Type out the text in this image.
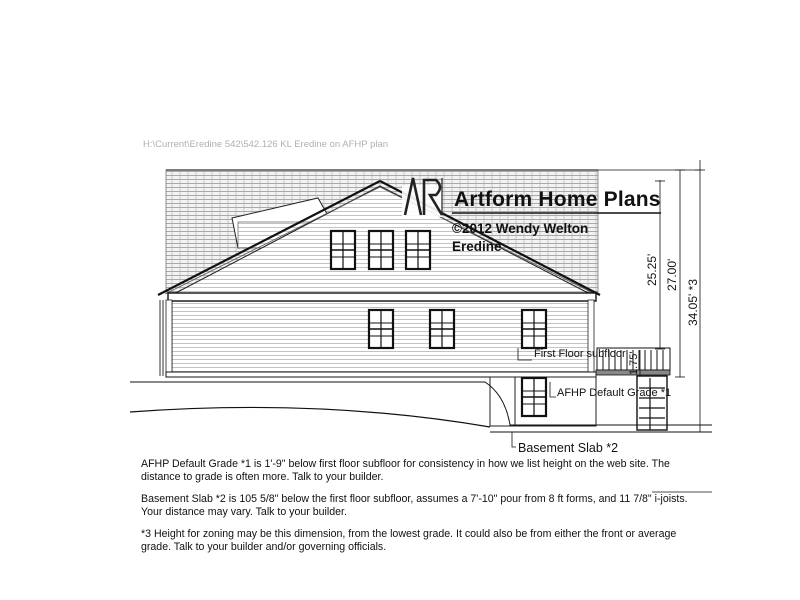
H:\Current\Eredine 542\542.126 KL Eredine on AFHP plan
Artform Home Plans
©2012 Wendy Welton
Eredine
25.25' 27.00'
34.05' *3
1.75'
First Floor subfloor
AFHP Default Grade *1
Basement Slab *2

AFHP Default Grade *1 is 1'-9" below first floor subfloor for consistency in how we list height on the web site. The distance to grade is often more. Talk to your builder.

Basement Slab *2 is 105 5/8" below the first floor subfloor, assumes a 7'-10" pour from 8 ft forms, and 11 7/8" i-joists. Your distance may vary. Talk to your builder.

*3 Height for zoning may be this dimension, from the lowest grade. It could also be from either the front or average grade. Talk to your builder and/or governing officials.
